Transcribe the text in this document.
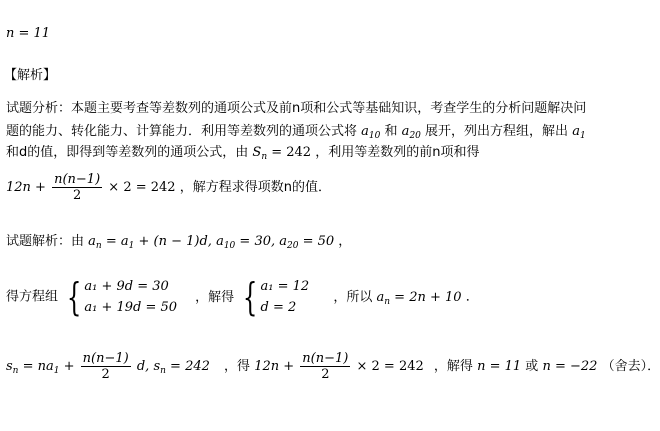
n = 11
【解析】
试题分析：本题主要考查等差数列的通项公式及前n项和公式等基础知识，考查学生的分析问题解决问
题的能力、转化能力、计算能力．利用等差数列的通项公式将 $a_{10}$ 和 $a_{20}$ 展开，列出方程组，解出 $a_1$
和d的值，即得到等差数列的通项公式，由 $S_n = 242$ ，利用等差数列的前n项和得
$12n + \frac{n(n-1)}{2} \times 2 = 242$ ，解方程求得项数n的值．
试题解析：由 $a_n = a_1 + (n - 1)d$, $a_{10} = 30$, $a_{20} = 50$ ，
得方程组 { a₁ + 9d = 30
a₁ + 19d = 50
，解得 { a₁ = 12
d = 2
，所以 $a_n = 2n + 10$ ．
$s_n = na_1 + \frac{n(n-1)}{2} d$, $s_n = 242$ ，得 $12n + \frac{n(n-1)}{2} \times 2 = 242$ ，解得 n = 11 或 n = −22 （舍去）．
